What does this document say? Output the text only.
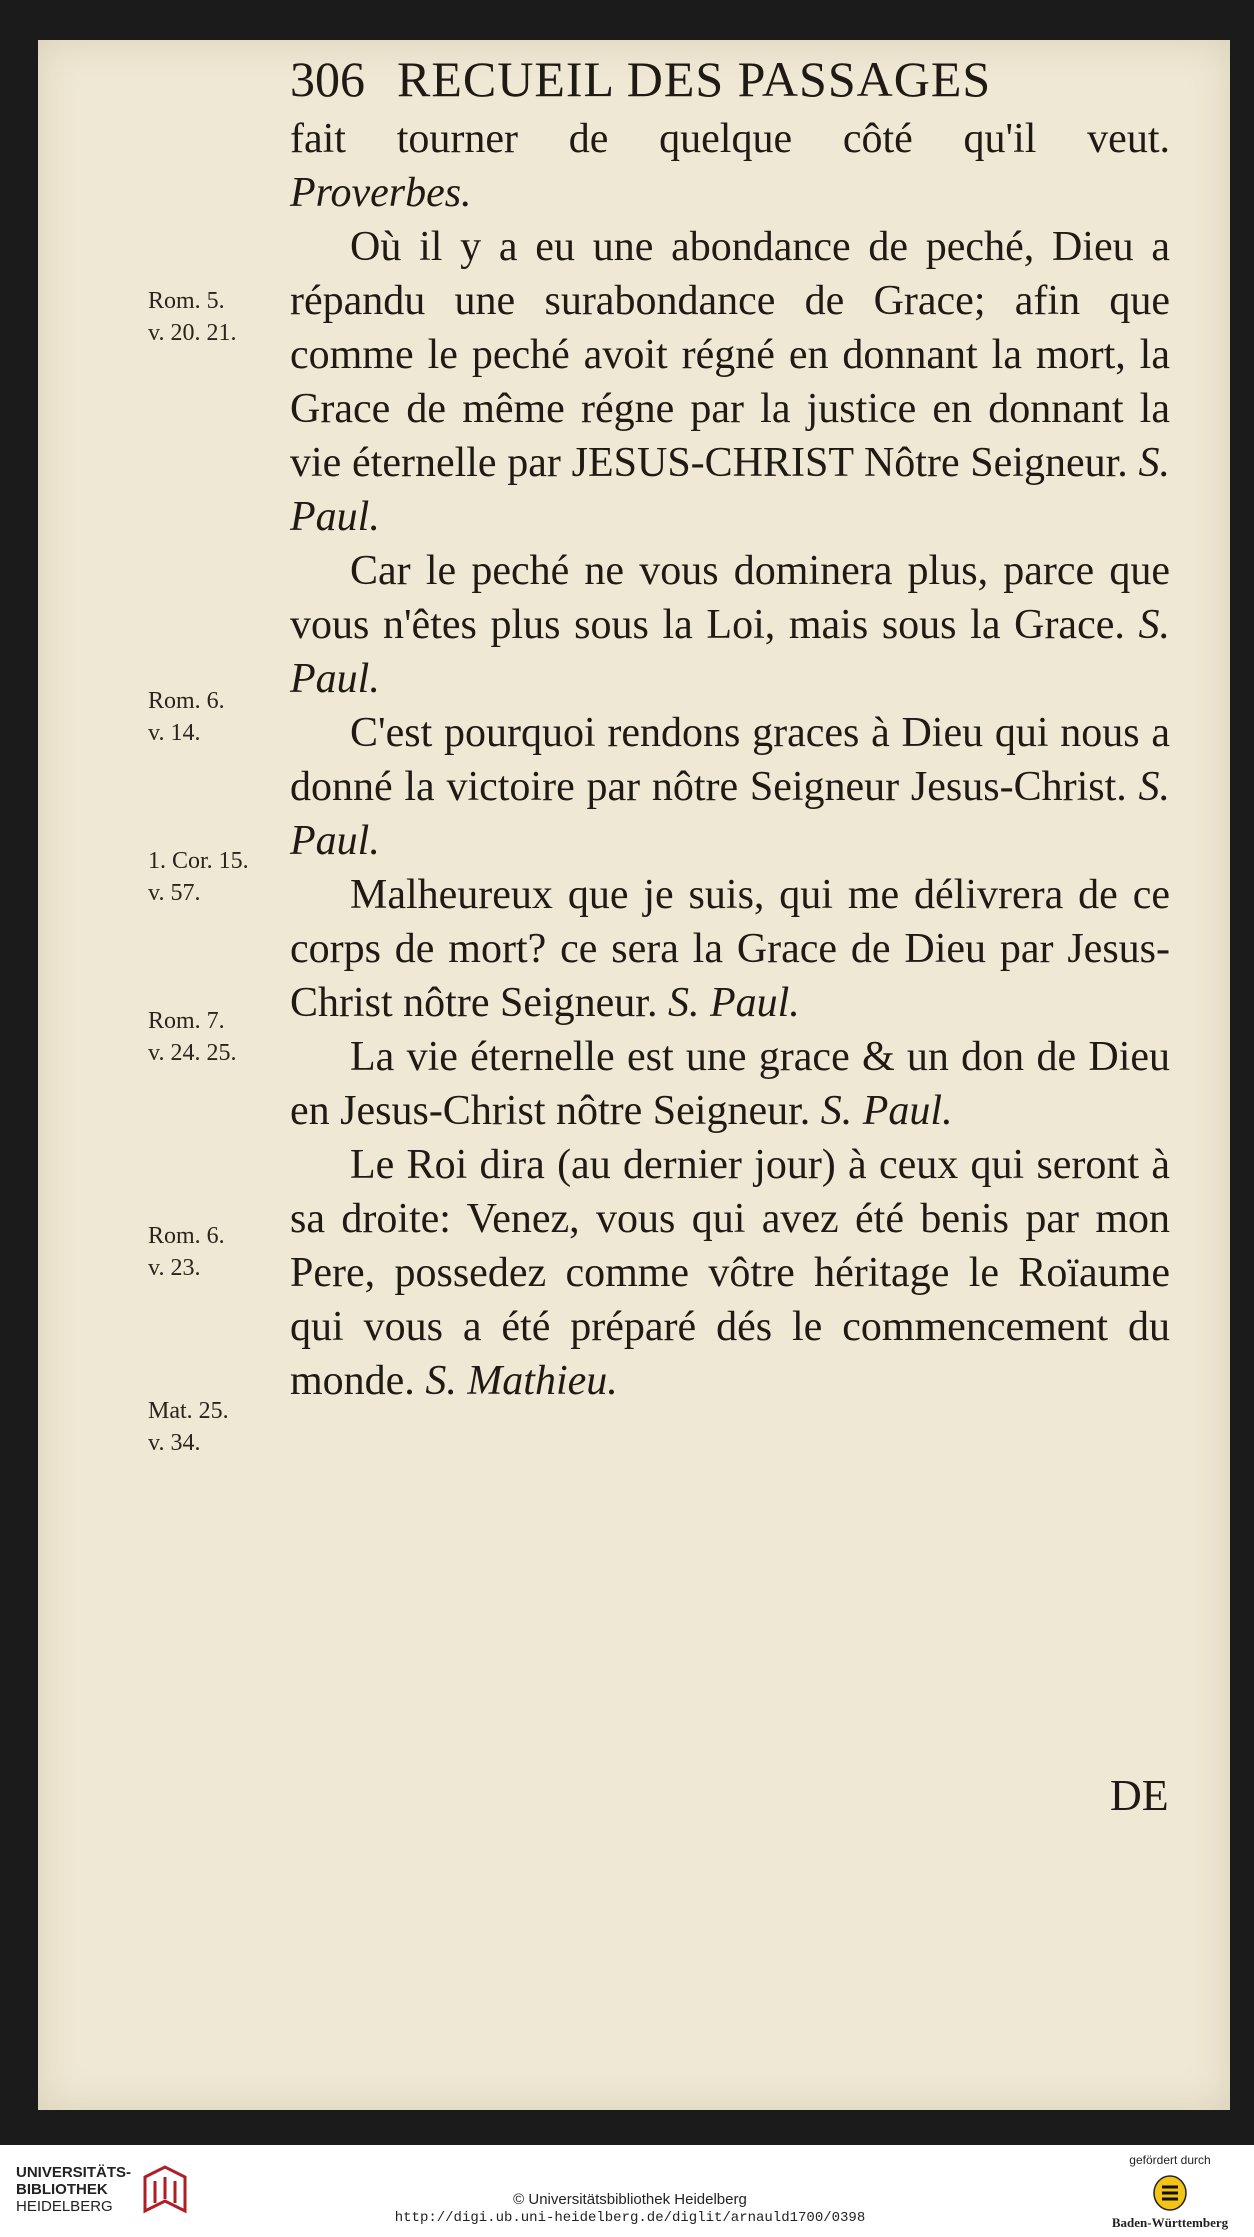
306 RECUEIL DES PASSAGES

fait tourner de quelque côté qu'il veut.

Proverbes.

Où il y a eu une abondance de peché, Dieu a répandu une surabondance de Grace; afin que comme le peché avoit régné en donnant la mort, la Grace de même régne par la justice en donnant la vie éternelle par JESUS-CHRIST Nôtre Seigneur. S. Paul.

Car le peché ne vous dominera plus, parce que vous n'êtes plus sous la Loi, mais sous la Grace. S. Paul.

C'est pourquoi rendons graces à Dieu qui nous a donné la victoire par nôtre Seigneur Jesus-Christ. S. Paul.

Malheureux que je suis, qui me délivrera de ce corps de mort? ce sera la Grace de Dieu par Jesus-Christ nôtre Seigneur. S. Paul.

La vie éternelle est une grace & un don de Dieu en Jesus-Christ nôtre Seigneur. S. Paul.

Le Roi dira (au dernier jour) à ceux qui seront à sa droite: Venez, vous qui avez été benis par mon Pere, possedez comme vôtre héritage le Roïaume qui vous a été préparé dés le commencement du monde. S. Mathieu.

Rom. 5.
v. 20. 21.
Rom. 6.
v. 14.
1. Cor. 15.
v. 57.
Rom. 7.
v. 24. 25.
Rom. 6.
v. 23.
Mat. 25.
v. 34.
DE
UNIVERSITÄTS-
BIBLIOTHEK
HEIDELBERG	© Universitätsbibliothek Heidelberg
http://digi.ub.uni-heidelberg.de/diglit/arnauld1700/0398
gefördert durch
Baden-Württemberg
